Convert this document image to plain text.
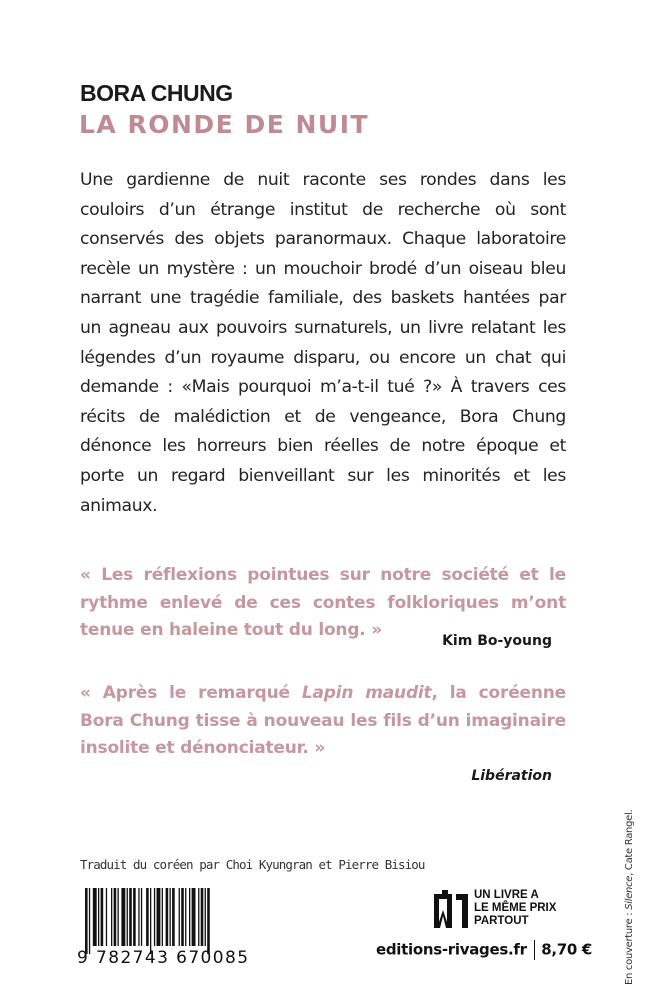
BORA CHUNG
LA RONDE DE NUIT
Une gardienne de nuit raconte ses rondes dans les couloirs d’un étrange institut de recherche où sont conservés des objets paranormaux. Chaque laboratoire recèle un mystère : un mouchoir brodé d’un oiseau bleu narrant une tragédie familiale, des baskets hantées par un agneau aux pouvoirs surnaturels, un livre relatant les légendes d’un royaume disparu, ou encore un chat qui demande : «Mais pourquoi m’a-t-il tué ?» À travers ces récits de malédiction et de vengeance, Bora Chung dénonce les horreurs bien réelles de notre époque et porte un regard bienveillant sur les minorités et les animaux.
« Les réflexions pointues sur notre société et le rythme enlevé de ces contes folkloriques m’ont tenue en haleine tout du long. »
Kim Bo-young
« Après le remarqué Lapin maudit, la coréenne Bora Chung tisse à nouveau les fils d’un imaginaire insolite et dénonciateur. »
Libération
Traduit du coréen par Choi Kyungran et Pierre Bisiou
9 782743 670085
UN LIVRE A
LE MÊME PRIX
PARTOUT
editions-rivages.fr 8,70 €	En couverture : Silence, Cate Rangel.
